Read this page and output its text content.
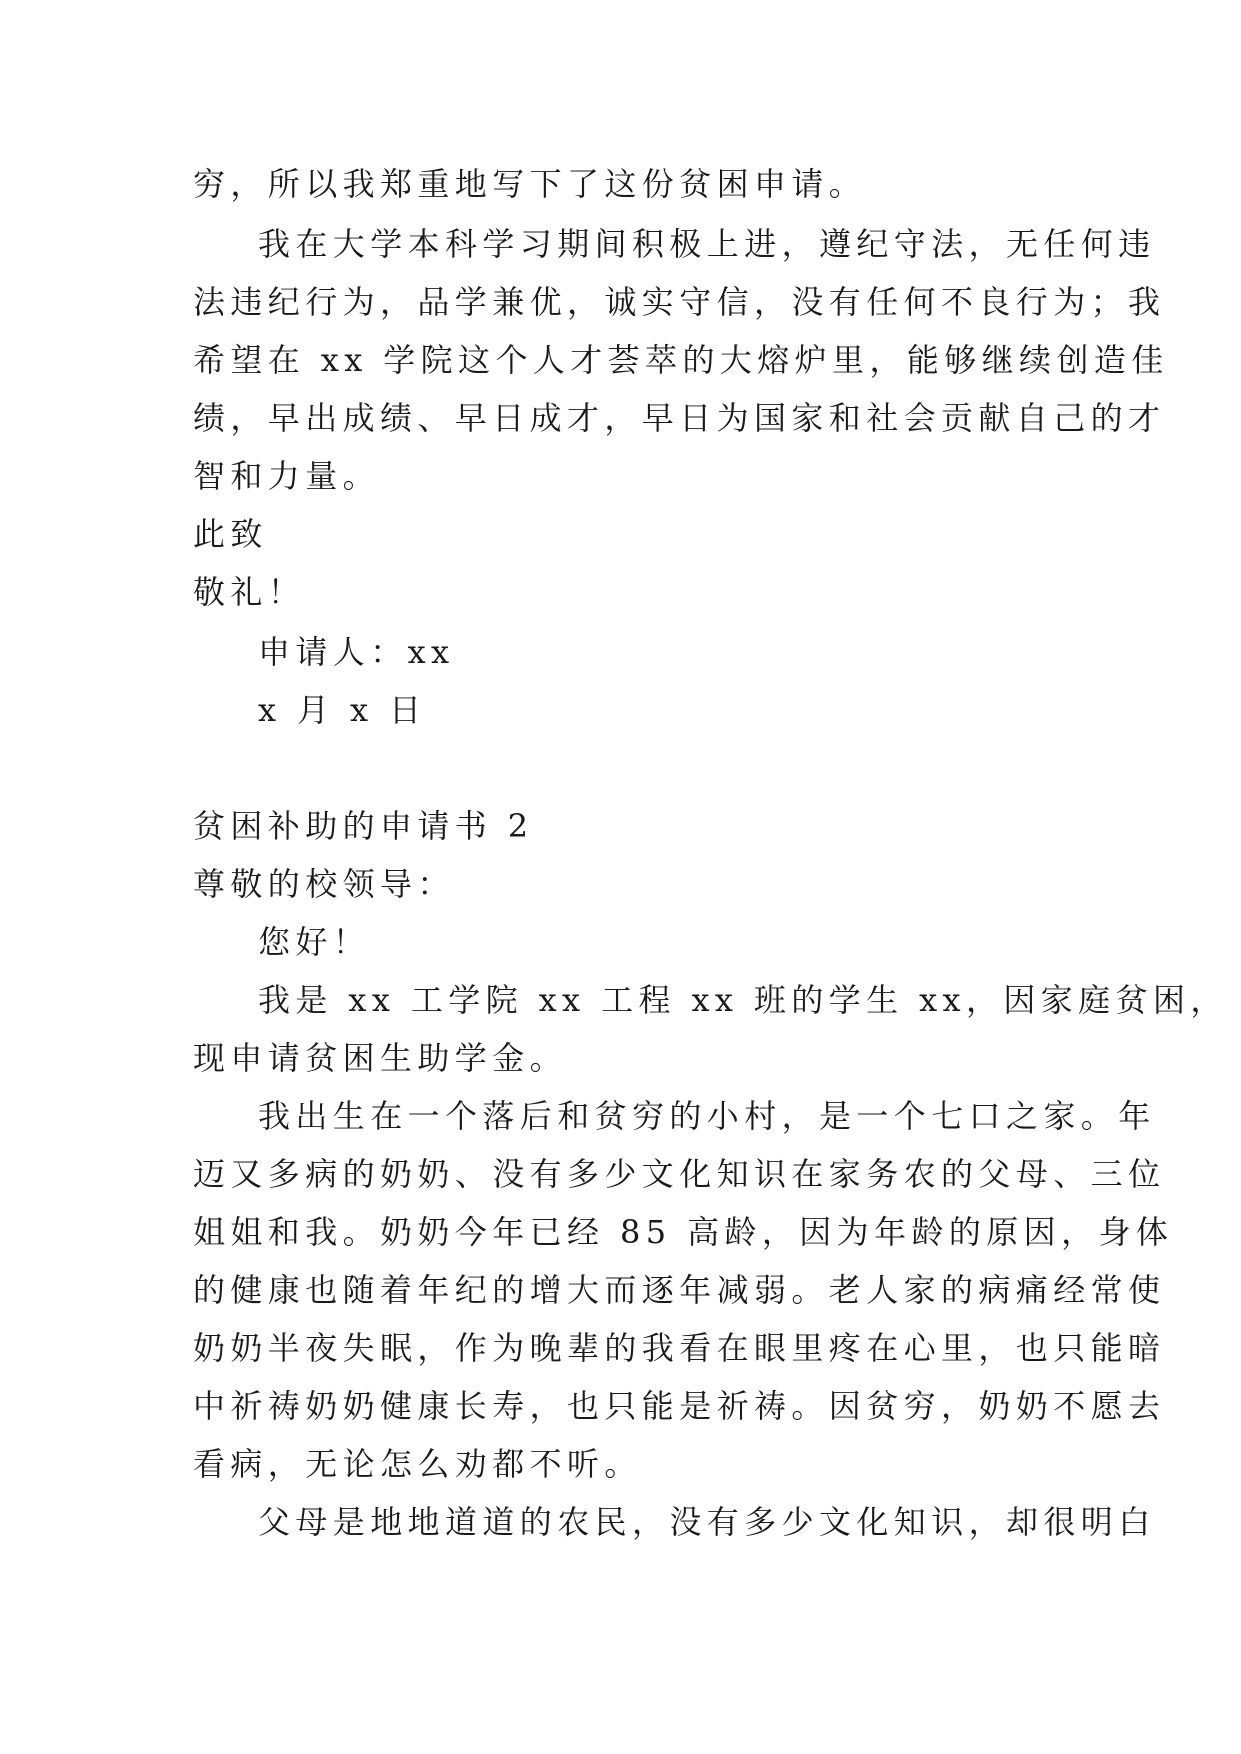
穷，所以我郑重地写下了这份贫困申请。
我在大学本科学习期间积极上进，遵纪守法，无任何违
法违纪行为，品学兼优，诚实守信，没有任何不良行为；我
希望在 xx 学院这个人才荟萃的大熔炉里，能够继续创造佳
绩，早出成绩、早日成才，早日为国家和社会贡献自己的才
智和力量。
此致
敬礼！
申请人：xx
x 月 x 日
贫困补助的申请书 2
尊敬的校领导：
您好！
我是 xx 工学院 xx 工程 xx 班的学生 xx，因家庭贫困，
现申请贫困生助学金。
我出生在一个落后和贫穷的小村，是一个七口之家。年
迈又多病的奶奶、没有多少文化知识在家务农的父母、三位
姐姐和我。奶奶今年已经 85 高龄，因为年龄的原因，身体
的健康也随着年纪的增大而逐年减弱。老人家的病痛经常使
奶奶半夜失眠，作为晚辈的我看在眼里疼在心里，也只能暗
中祈祷奶奶健康长寿，也只能是祈祷。因贫穷，奶奶不愿去
看病，无论怎么劝都不听。
父母是地地道道的农民，没有多少文化知识，却很明白
